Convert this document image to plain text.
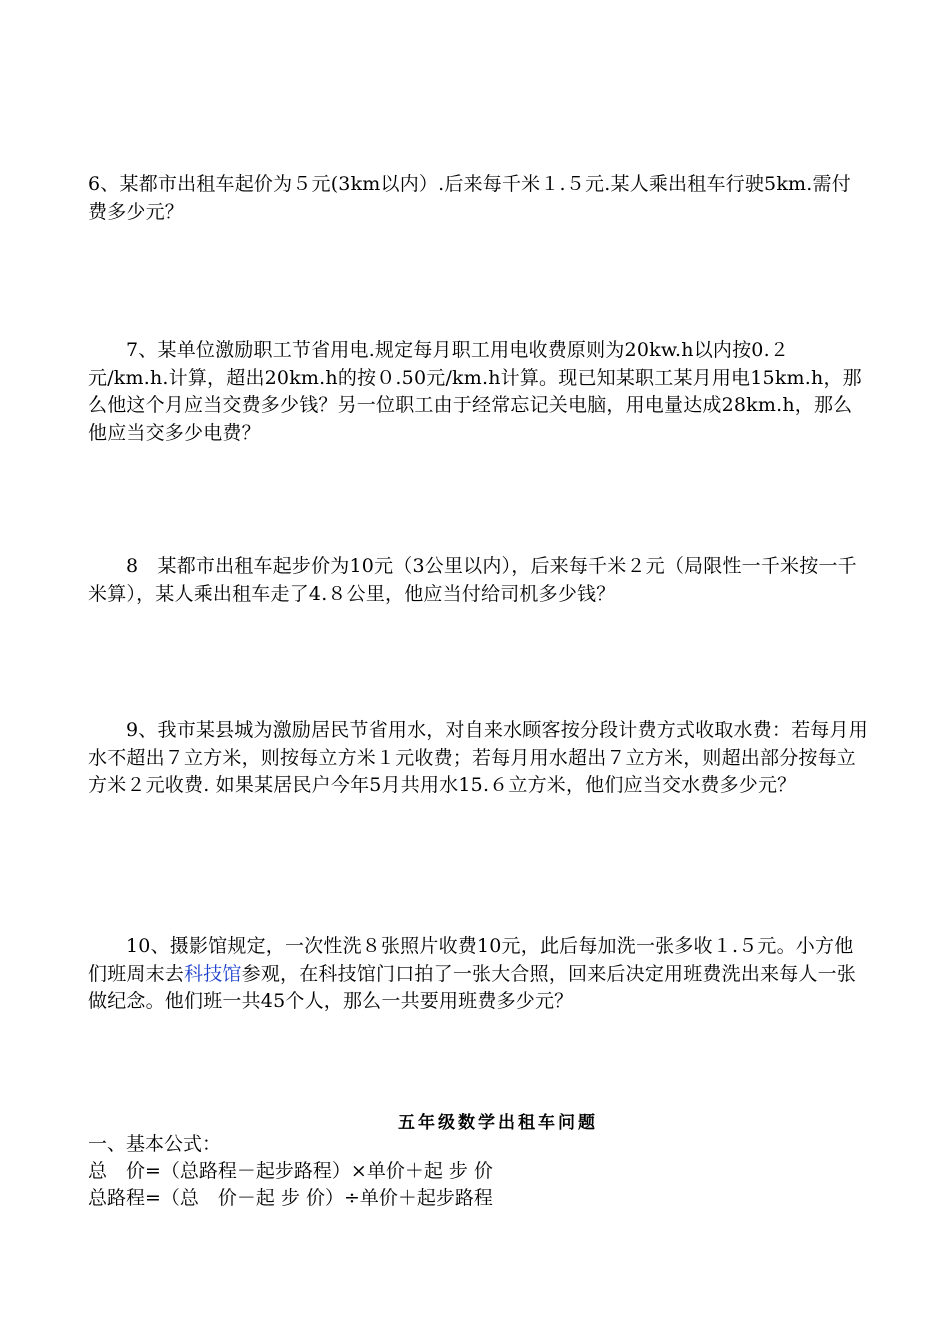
6、某都市出租车起价为５元(3km以内）.后来每千米１.５元.某人乘出租车行驶5km.需付费多少元？

7、某单位激励职工节省用电.规定每月职工用电收费原则为20kw.h以内按0.２元/km.h.计算，超出20km.h的按０.50元/km.h计算。现已知某职工某月用电15km.h，那么他这个月应当交费多少钱？另一位职工由于经常忘记关电脑，用电量达成28km.h，那么他应当交多少电费？

8　某都市出租车起步价为10元（3公里以内），后来每千米２元（局限性一千米按一千米算），某人乘出租车走了4.８公里，他应当付给司机多少钱？

9、我市某县城为激励居民节省用水，对自来水顾客按分段计费方式收取水费：若每月用水不超出７立方米，则按每立方米１元收费；若每月用水超出７立方米，则超出部分按每立方米２元收费. 如果某居民户今年5月共用水15.６立方米，他们应当交水费多少元？

10、摄影馆规定，一次性洗８张照片收费10元，此后每加洗一张多收１.５元。小方他们班周末去科技馆参观，在科技馆门口拍了一张大合照，回来后决定用班费洗出来每人一张做纪念。他们班一共45个人，那么一共要用班费多少元？

五年级数学出租车问题

一、基本公式：

总　价=（总路程－起步路程）×单价＋起 步 价

总路程=（总　价－起 步 价）÷单价＋起步路程
